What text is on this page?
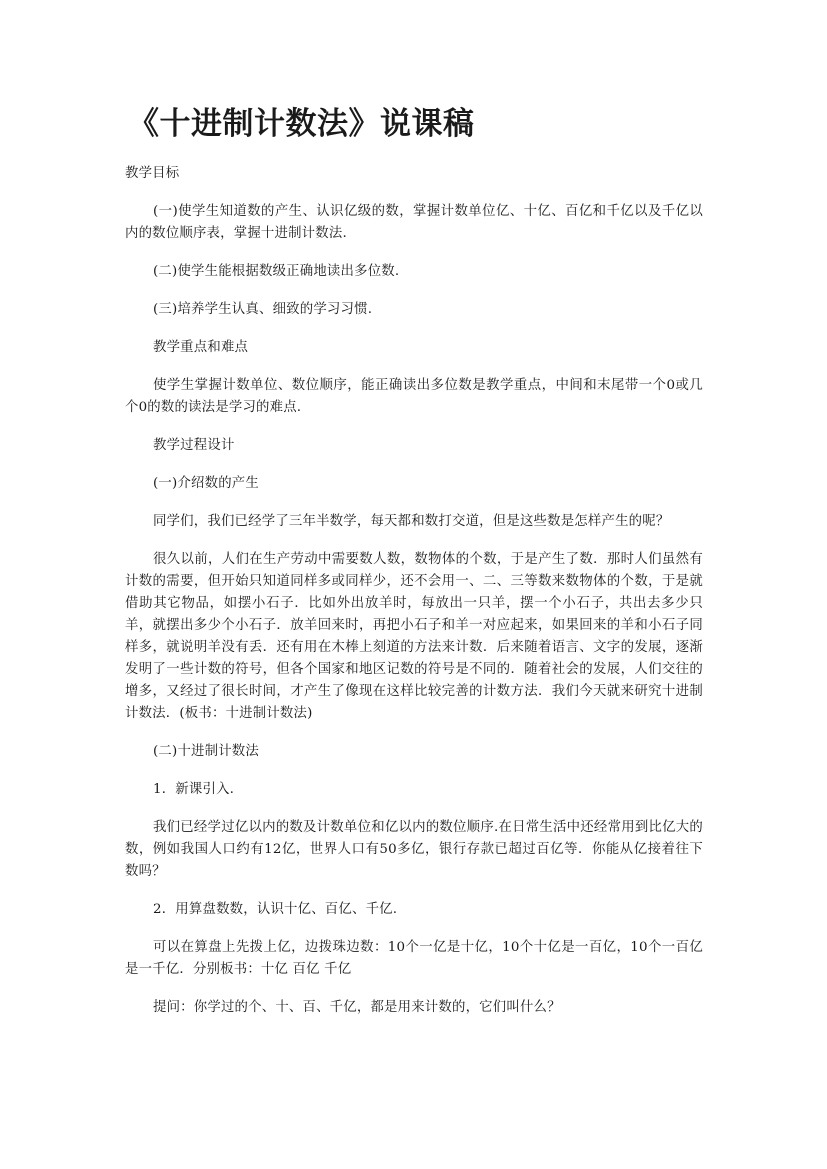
《十进制计数法》说课稿

教学目标

(一)使学生知道数的产生、认识亿级的数，掌握计数单位亿、十亿、百亿和千亿以及千亿以内的数位顺序表，掌握十进制计数法.

(二)使学生能根据数级正确地读出多位数.

(三)培养学生认真、细致的学习习惯.

教学重点和难点

使学生掌握计数单位、数位顺序，能正确读出多位数是教学重点，中间和末尾带一个0或几个0的数的读法是学习的难点.

教学过程设计

(一)介绍数的产生

同学们，我们已经学了三年半数学，每天都和数打交道，但是这些数是怎样产生的呢？

很久以前，人们在生产劳动中需要数人数，数物体的个数，于是产生了数．那时人们虽然有计数的需要，但开始只知道同样多或同样少，还不会用一、二、三等数来数物体的个数，于是就借助其它物品，如摆小石子．比如外出放羊时，每放出一只羊，摆一个小石子，共出去多少只羊，就摆出多少个小石子．放羊回来时，再把小石子和羊一对应起来，如果回来的羊和小石子同样多，就说明羊没有丢．还有用在木棒上刻道的方法来计数．后来随着语言、文字的发展，逐渐发明了一些计数的符号，但各个国家和地区记数的符号是不同的．随着社会的发展，人们交往的增多，又经过了很长时间，才产生了像现在这样比较完善的计数方法．我们今天就来研究十进制计数法．(板书：十进制计数法)

(二)十进制计数法

1．新课引入.

我们已经学过亿以内的数及计数单位和亿以内的数位顺序.在日常生活中还经常用到比亿大的数，例如我国人口约有12亿，世界人口有50多亿，银行存款已超过百亿等．你能从亿接着往下数吗？

2．用算盘数数，认识十亿、百亿、千亿.

可以在算盘上先拨上亿，边拨珠边数：10个一亿是十亿，10个十亿是一百亿，10个一百亿是一千亿．分别板书：十亿 百亿 千亿

提问：你学过的个、十、百、千亿，都是用来计数的，它们叫什么？
